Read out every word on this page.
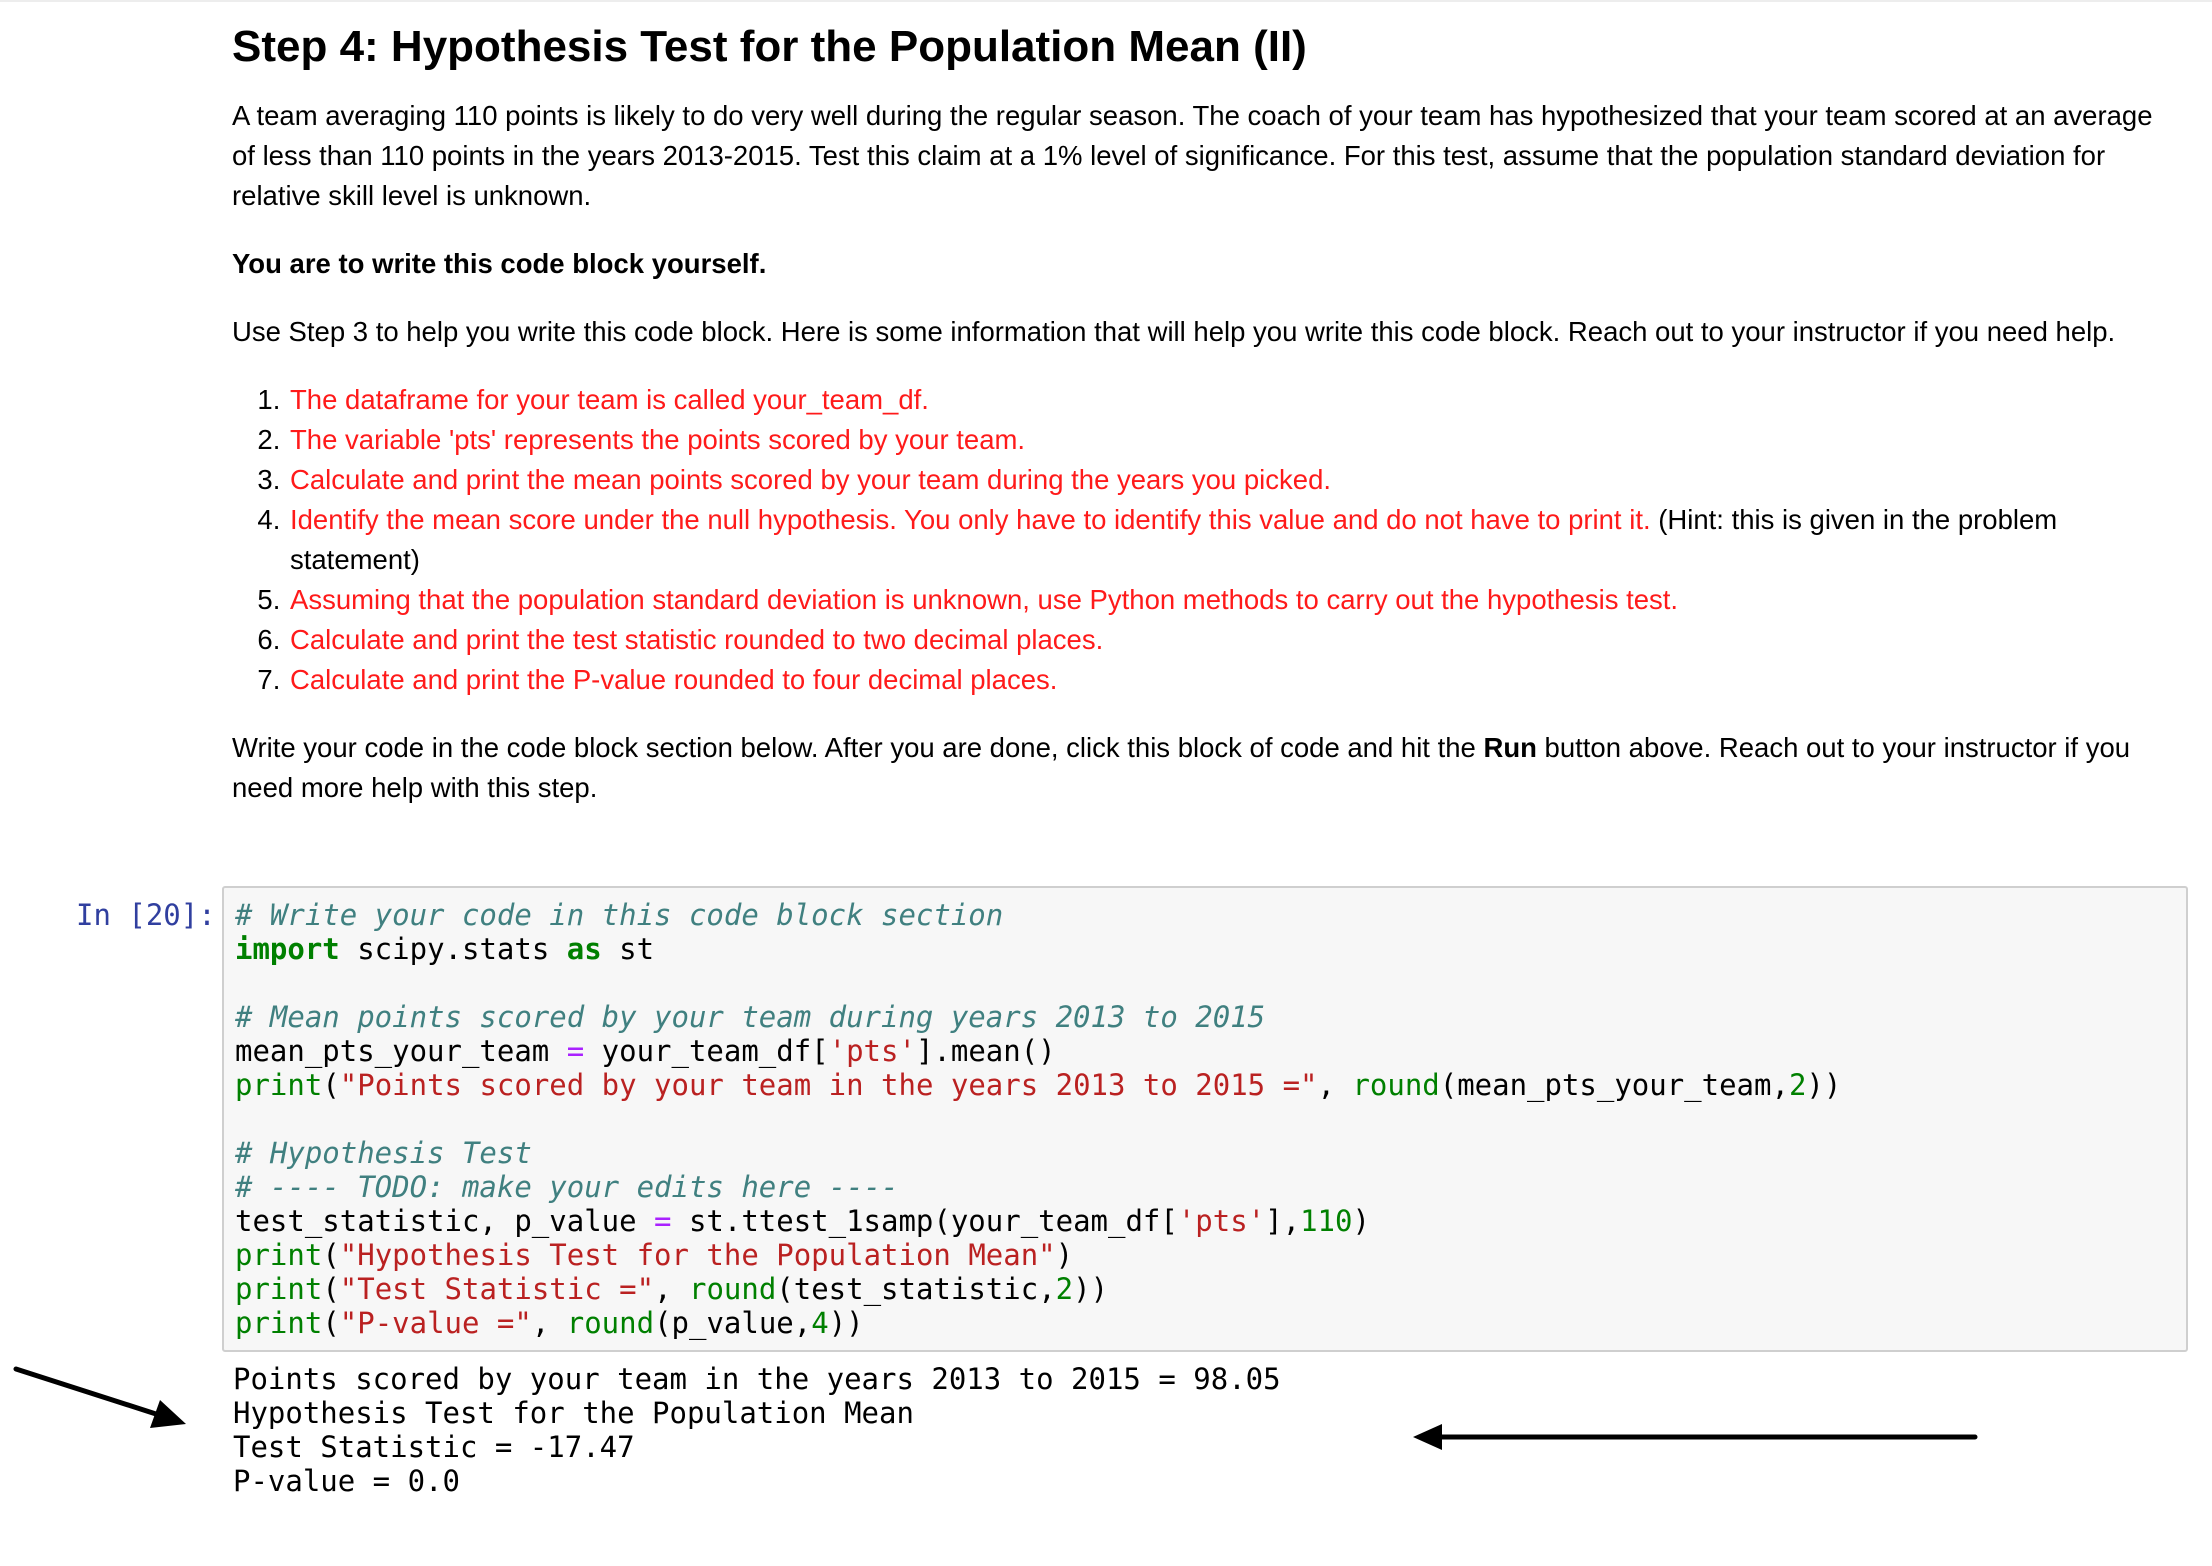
Step 4: Hypothesis Test for the Population Mean (II)

A team averaging 110 points is likely to do very well during the regular season. The coach of your team has hypothesized that your team scored at an average of less than 110 points in the years 2013-2015. Test this claim at a 1% level of significance. For this test, assume that the population standard deviation for relative skill level is unknown.

You are to write this code block yourself.

Use Step 3 to help you write this code block. Here is some information that will help you write this code block. Reach out to your instructor if you need help.

1. The dataframe for your team is called your_team_df.
2. The variable 'pts' represents the points scored by your team.
3. Calculate and print the mean points scored by your team during the years you picked.
4. Identify the mean score under the null hypothesis. You only have to identify this value and do not have to print it. (Hint: this is given in the problem statement)
5. Assuming that the population standard deviation is unknown, use Python methods to carry out the hypothesis test.
6. Calculate and print the test statistic rounded to two decimal places.
7. Calculate and print the P-value rounded to four decimal places.

Write your code in the code block section below. After you are done, click this block of code and hit the Run button above. Reach out to your instructor if you need more help with this step.

In [20]: # Write your code in this code block section
import scipy.stats as st

# Mean points scored by your team during years 2013 to 2015
mean_pts_your_team = your_team_df['pts'].mean()
print("Points scored by your team in the years 2013 to 2015 =", round(mean_pts_your_team,2))

# Hypothesis Test
# ---- TODO: make your edits here ----
test_statistic, p_value = st.ttest_1samp(your_team_df['pts'],110)
print("Hypothesis Test for the Population Mean")
print("Test Statistic =", round(test_statistic,2))
print("P-value =", round(p_value,4))
Points scored by your team in the years 2013 to 2015 = 98.05
Hypothesis Test for the Population Mean
Test Statistic = -17.47
P-value = 0.0
